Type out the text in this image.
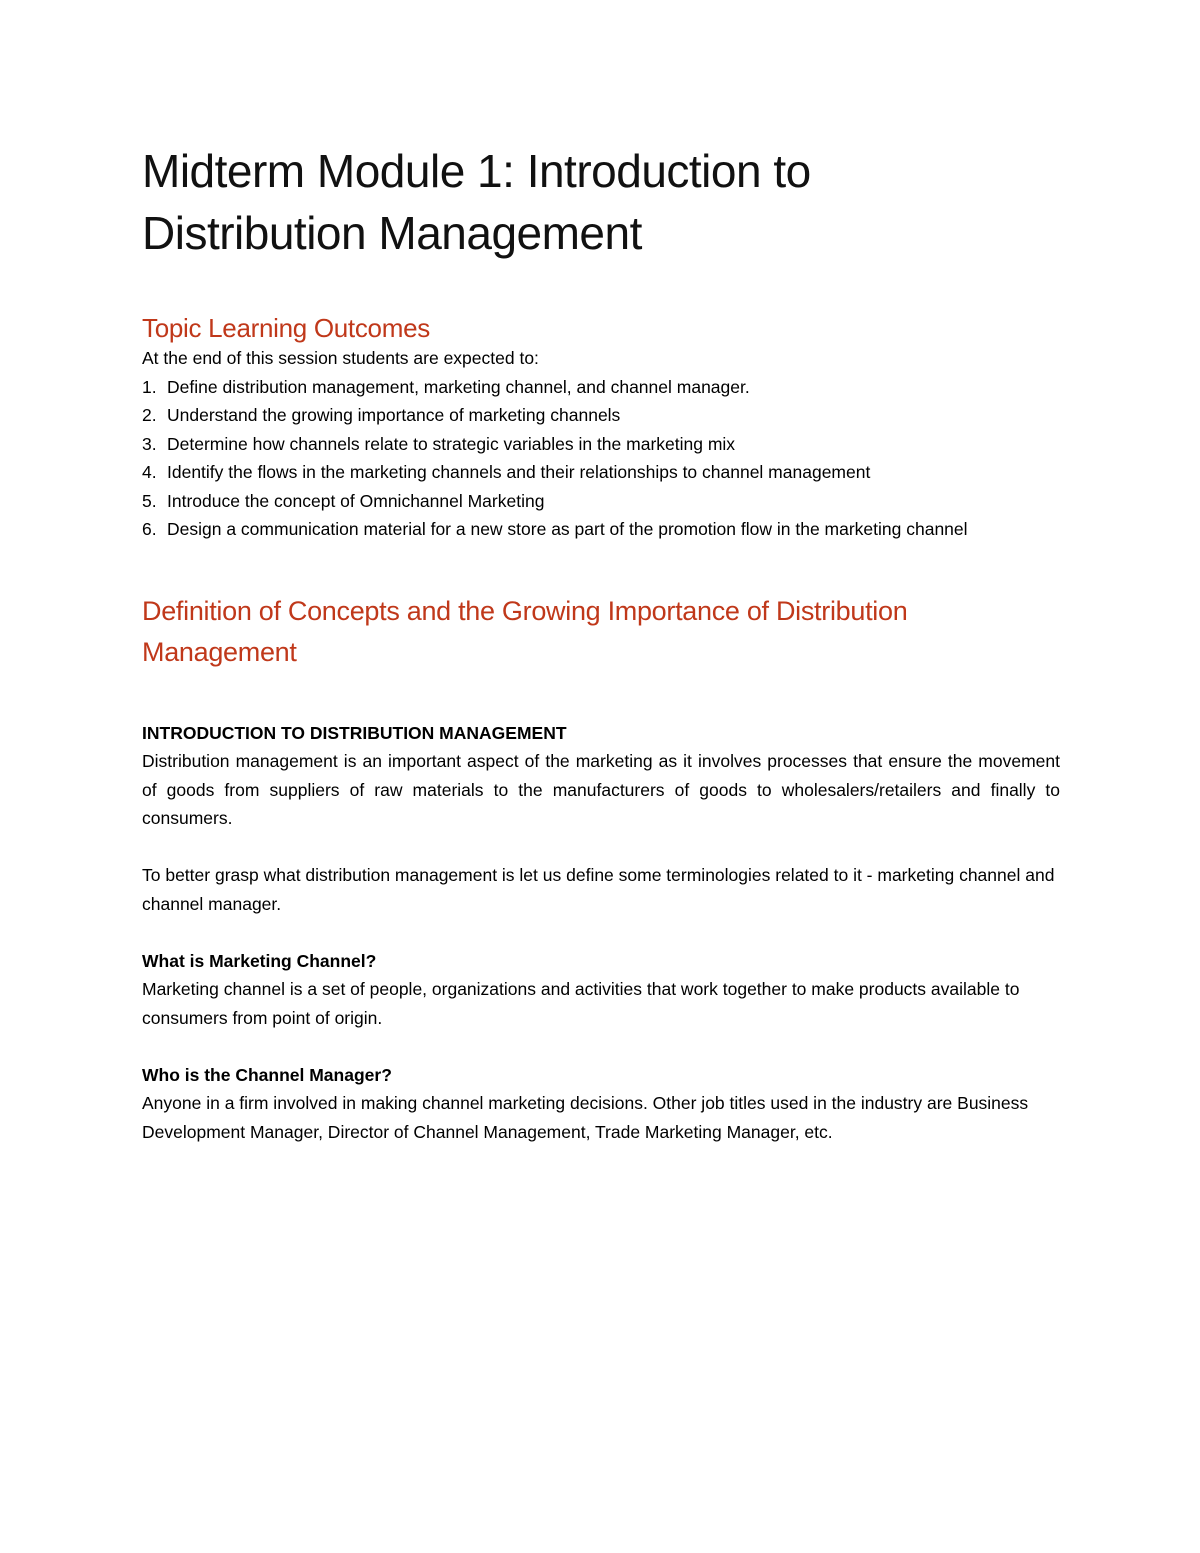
Midterm Module 1: Introduction to
Distribution Management
Topic Learning Outcomes

At the end of this session students are expected to:

1. Define distribution management, marketing channel, and channel manager.
2. Understand the growing importance of marketing channels
3. Determine how channels relate to strategic variables in the marketing mix
4. Identify the flows in the marketing channels and their relationships to channel management
5. Introduce the concept of Omnichannel Marketing
6. Design a communication material for a new store as part of the promotion flow in the marketing channel
Definition of Concepts and the Growing Importance of Distribution Management

INTRODUCTION TO DISTRIBUTION MANAGEMENT

Distribution management is an important aspect of the marketing as it involves processes that ensure the movement of goods from suppliers of raw materials to the manufacturers of goods to wholesalers/retailers and finally to consumers.

To better grasp what distribution management is let us define some terminologies related to it - marketing channel and channel manager.

What is Marketing Channel?

Marketing channel is a set of people, organizations and activities that work together to make products available to consumers from point of origin.

Who is the Channel Manager?

Anyone in a firm involved in making channel marketing decisions. Other job titles used in the industry are Business Development Manager, Director of Channel Management, Trade Marketing Manager, etc.
